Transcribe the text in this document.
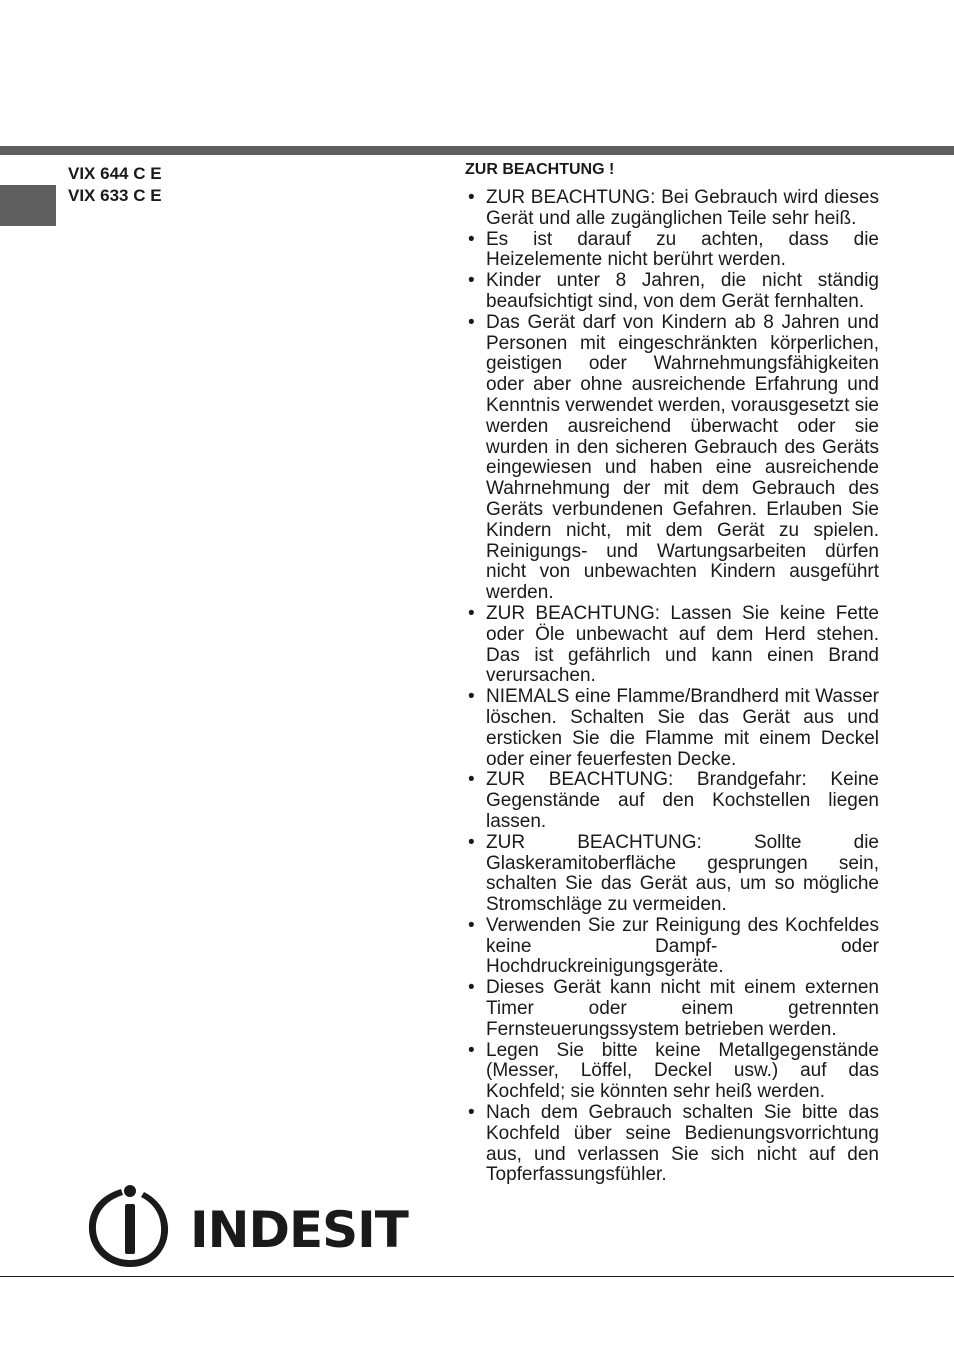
VIX 644 C E
VIX 633 C E
ZUR BEACHTUNG !
• ZUR BEACHTUNG: Bei Gebrauch wird dieses Gerät und alle zugänglichen Teile sehr heiß.
• Es ist darauf zu achten, dass die Heizelemente nicht berührt werden.
• Kinder unter 8 Jahren, die nicht ständig beaufsichtigt sind, von dem Gerät fernhalten.
• Das Gerät darf von Kindern ab 8 Jahren und Personen mit eingeschränkten körperlichen, geistigen oder Wahrnehmungsfähigkeiten oder aber ohne ausreichende Erfahrung und Kenntnis verwendet werden, vorausgesetzt sie werden ausreichend überwacht oder sie wurden in den sicheren Gebrauch des Geräts eingewiesen und haben eine ausreichende Wahrnehmung der mit dem Gebrauch des Geräts verbundenen Gefahren. Erlauben Sie Kindern nicht, mit dem Gerät zu spielen. Reinigungs- und Wartungsarbeiten dürfen nicht von unbewachten Kindern ausgeführt werden.
• ZUR BEACHTUNG: Lassen Sie keine Fette oder Öle unbewacht auf dem Herd stehen. Das ist gefährlich und kann einen Brand verursachen.
• NIEMALS eine Flamme/Brandherd mit Wasser löschen. Schalten Sie das Gerät aus und ersticken Sie die Flamme mit einem Deckel oder einer feuerfesten Decke.
• ZUR BEACHTUNG: Brandgefahr: Keine Gegenstände auf den Kochstellen liegen lassen.
• ZUR BEACHTUNG: Sollte die Glaskeramitoberfläche gesprungen sein, schalten Sie das Gerät aus, um so mögliche Stromschläge zu vermeiden.
• Verwenden Sie zur Reinigung des Kochfeldes keine Dampf- oder Hochdruckreinigungsgeräte.
• Dieses Gerät kann nicht mit einem externen Timer oder einem getrennten Fernsteuerungssystem betrieben werden.
• Legen Sie bitte keine Metallgegenstände (Messer, Löffel, Deckel usw.) auf das Kochfeld; sie könnten sehr heiß werden.
• Nach dem Gebrauch schalten Sie bitte das Kochfeld über seine Bedienungsvorrichtung aus, und verlassen Sie sich nicht auf den Topferfassungsfühler.
INDESIT
